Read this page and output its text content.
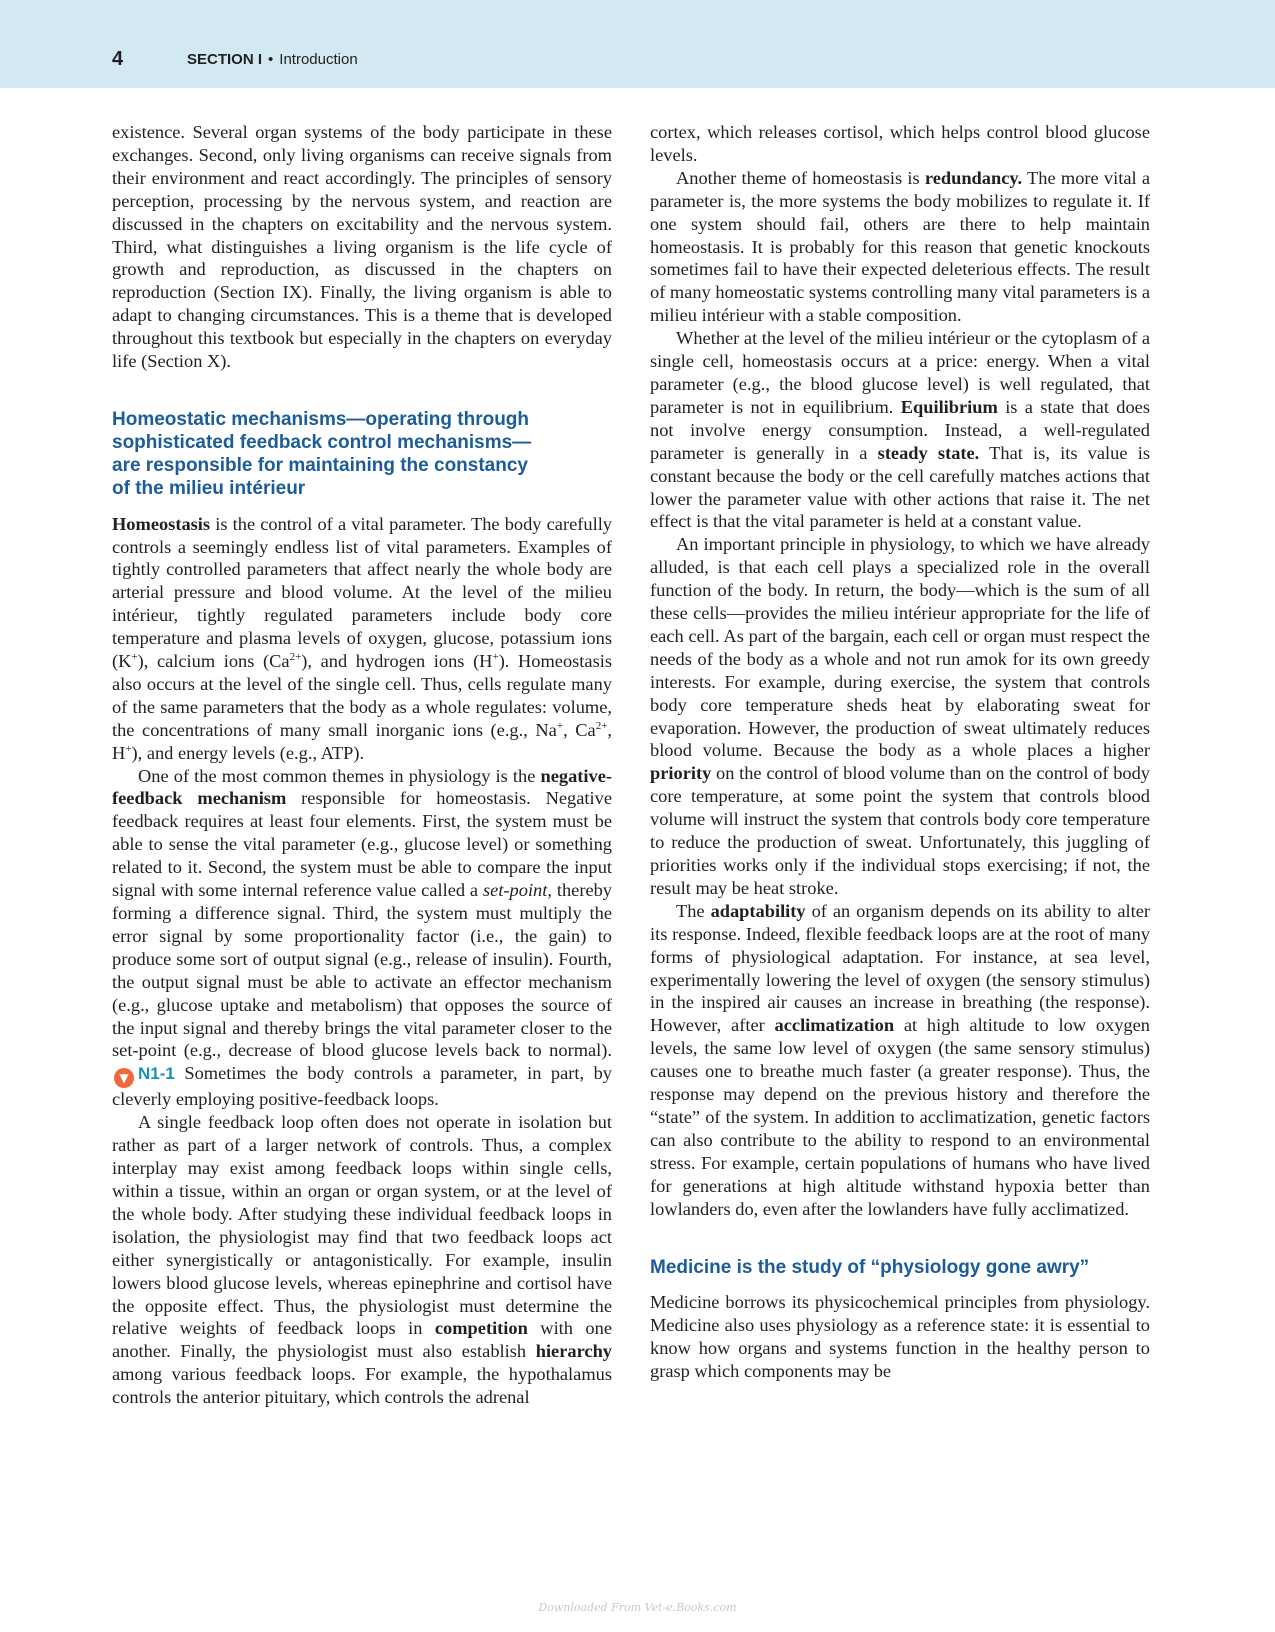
4	SECTION I • Introduction

existence. Several organ systems of the body participate in these exchanges. Second, only living organisms can receive signals from their environment and react accordingly. The principles of sensory perception, processing by the nervous system, and reaction are discussed in the chapters on excitability and the nervous system. Third, what distinguishes a living organism is the life cycle of growth and reproduction, as discussed in the chapters on reproduction (Section IX). Finally, the living organism is able to adapt to changing circumstances. This is a theme that is developed throughout this textbook but especially in the chapters on everyday life (Section X).

Homeostatic mechanisms—operating through sophisticated feedback control mechanisms—are responsible for maintaining the constancy of the milieu intérieur

Homeostasis is the control of a vital parameter. The body carefully controls a seemingly endless list of vital parameters. Examples of tightly controlled parameters that affect nearly the whole body are arterial pressure and blood volume. At the level of the milieu intérieur, tightly regulated parameters include body core temperature and plasma levels of oxygen, glucose, potassium ions (K+), calcium ions $(Ca^{2+})$, and hydrogen ions (H+). Homeostasis also occurs at the level of the single cell. Thus, cells regulate many of the same parameters that the body as a whole regulates: volume, the concentrations of many small inorganic ions (e.g., Na+, $Ca^{2+}$, H+), and energy levels (e.g., ATP).

One of the most common themes in physiology is the negative-feedback mechanism responsible for homeostasis. Negative feedback requires at least four elements. First, the system must be able to sense the vital parameter (e.g., glucose level) or something related to it. Second, the system must be able to compare the input signal with some internal reference value called a set-point, thereby forming a difference signal. Third, the system must multiply the error signal by some proportionality factor (i.e., the gain) to produce some sort of output signal (e.g., release of insulin). Fourth, the output signal must be able to activate an effector mechanism (e.g., glucose uptake and metabolism) that opposes the source of the input signal and thereby brings the vital parameter closer to the set-point (e.g., decrease of blood glucose levels back to normal). ▼ N1-1 Sometimes the body controls a parameter, in part, by cleverly employing positive-feedback loops.

A single feedback loop often does not operate in isolation but rather as part of a larger network of controls. Thus, a complex interplay may exist among feedback loops within single cells, within a tissue, within an organ or organ system, or at the level of the whole body. After studying these individual feedback loops in isolation, the physiologist may find that two feedback loops act either synergistically or antagonistically. For example, insulin lowers blood glucose levels, whereas epinephrine and cortisol have the opposite effect. Thus, the physiologist must determine the relative weights of feedback loops in competition with one another. Finally, the physiologist must also establish hierarchy among various feedback loops. For example, the hypothalamus controls the anterior pituitary, which controls the adrenal

cortex, which releases cortisol, which helps control blood glucose levels.

Another theme of homeostasis is redundancy. The more vital a parameter is, the more systems the body mobilizes to regulate it. If one system should fail, others are there to help maintain homeostasis. It is probably for this reason that genetic knockouts sometimes fail to have their expected deleterious effects. The result of many homeostatic systems controlling many vital parameters is a milieu intérieur with a stable composition.

Whether at the level of the milieu intérieur or the cytoplasm of a single cell, homeostasis occurs at a price: energy. When a vital parameter (e.g., the blood glucose level) is well regulated, that parameter is not in equilibrium. Equilibrium is a state that does not involve energy consumption. Instead, a well-regulated parameter is generally in a steady state. That is, its value is constant because the body or the cell carefully matches actions that lower the parameter value with other actions that raise it. The net effect is that the vital parameter is held at a constant value.

An important principle in physiology, to which we have already alluded, is that each cell plays a specialized role in the overall function of the body. In return, the body—which is the sum of all these cells—provides the milieu intérieur appropriate for the life of each cell. As part of the bargain, each cell or organ must respect the needs of the body as a whole and not run amok for its own greedy interests. For example, during exercise, the system that controls body core temperature sheds heat by elaborating sweat for evaporation. However, the production of sweat ultimately reduces blood volume. Because the body as a whole places a higher priority on the control of blood volume than on the control of body core temperature, at some point the system that controls blood volume will instruct the system that controls body core temperature to reduce the production of sweat. Unfortunately, this juggling of priorities works only if the individual stops exercising; if not, the result may be heat stroke.

The adaptability of an organism depends on its ability to alter its response. Indeed, flexible feedback loops are at the root of many forms of physiological adaptation. For instance, at sea level, experimentally lowering the level of oxygen (the sensory stimulus) in the inspired air causes an increase in breathing (the response). However, after acclimatization at high altitude to low oxygen levels, the same low level of oxygen (the same sensory stimulus) causes one to breathe much faster (a greater response). Thus, the response may depend on the previous history and therefore the “state” of the system. In addition to acclimatization, genetic factors can also contribute to the ability to respond to an environmental stress. For example, certain populations of humans who have lived for generations at high altitude withstand hypoxia better than lowlanders do, even after the lowlanders have fully acclimatized.

Medicine is the study of “physiology gone awry”

Medicine borrows its physicochemical principles from physiology. Medicine also uses physiology as a reference state: it is essential to know how organs and systems function in the healthy person to grasp which components may be

Downloaded From Vet-e.Books.com
